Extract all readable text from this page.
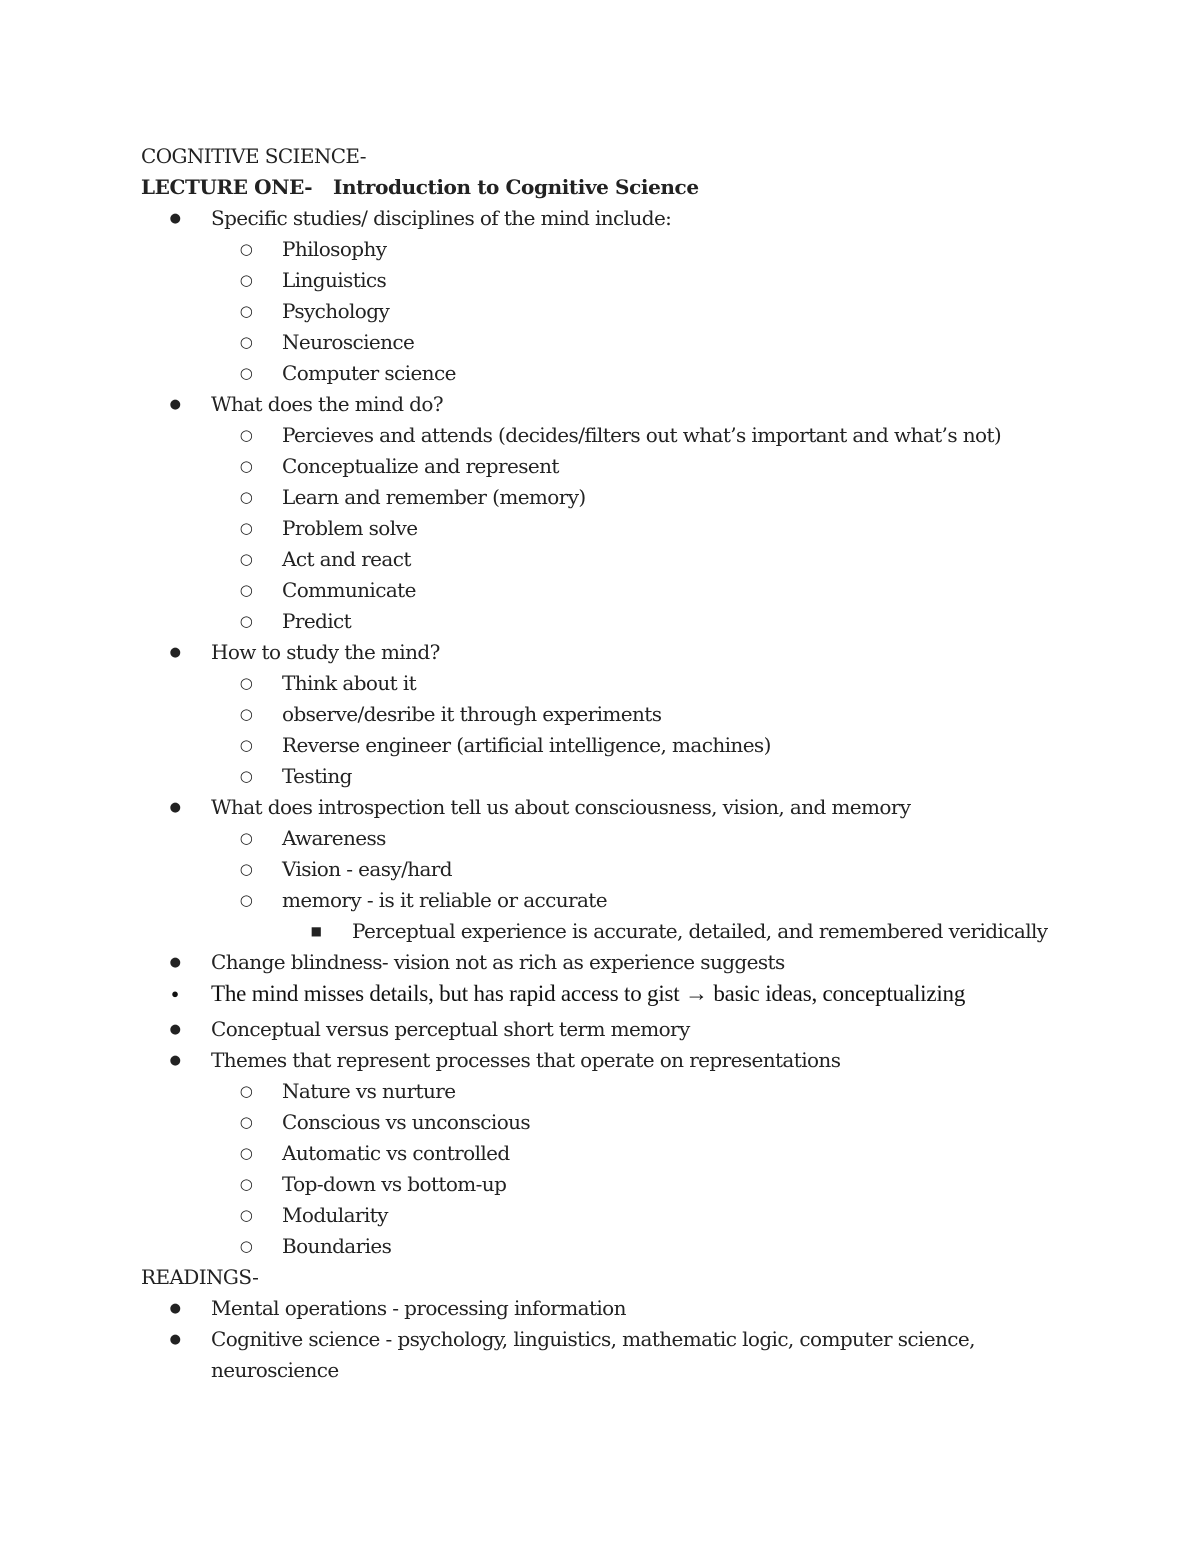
COGNITIVE SCIENCE-
LECTURE ONE- Introduction to Cognitive Science
● Specific studies/ disciplines of the mind include:
○ Philosophy
○ Linguistics
○ Psychology
○ Neuroscience
○ Computer science
● What does the mind do?
○ Percieves and attends (decides/filters out what’s important and what’s not)
○ Conceptualize and represent
○ Learn and remember (memory)
○ Problem solve
○ Act and react
○ Communicate
○ Predict
● How to study the mind?
○ Think about it
○ observe/desribe it through experiments
○ Reverse engineer (artificial intelligence, machines)
○ Testing
● What does introspection tell us about consciousness, vision, and memory
○ Awareness
○ Vision - easy/hard
○ memory - is it reliable or accurate
■ Perceptual experience is accurate, detailed, and remembered veridically
● Change blindness- vision not as rich as experience suggests
● The mind misses details, but has rapid access to gist → basic ideas, conceptualizing
● Conceptual versus perceptual short term memory
● Themes that represent processes that operate on representations
○ Nature vs nurture
○ Conscious vs unconscious
○ Automatic vs controlled
○ Top-down vs bottom-up
○ Modularity
○ Boundaries
READINGS-
● Mental operations - processing information
● Cognitive science - psychology, linguistics, mathematic logic, computer science,
neuroscience
